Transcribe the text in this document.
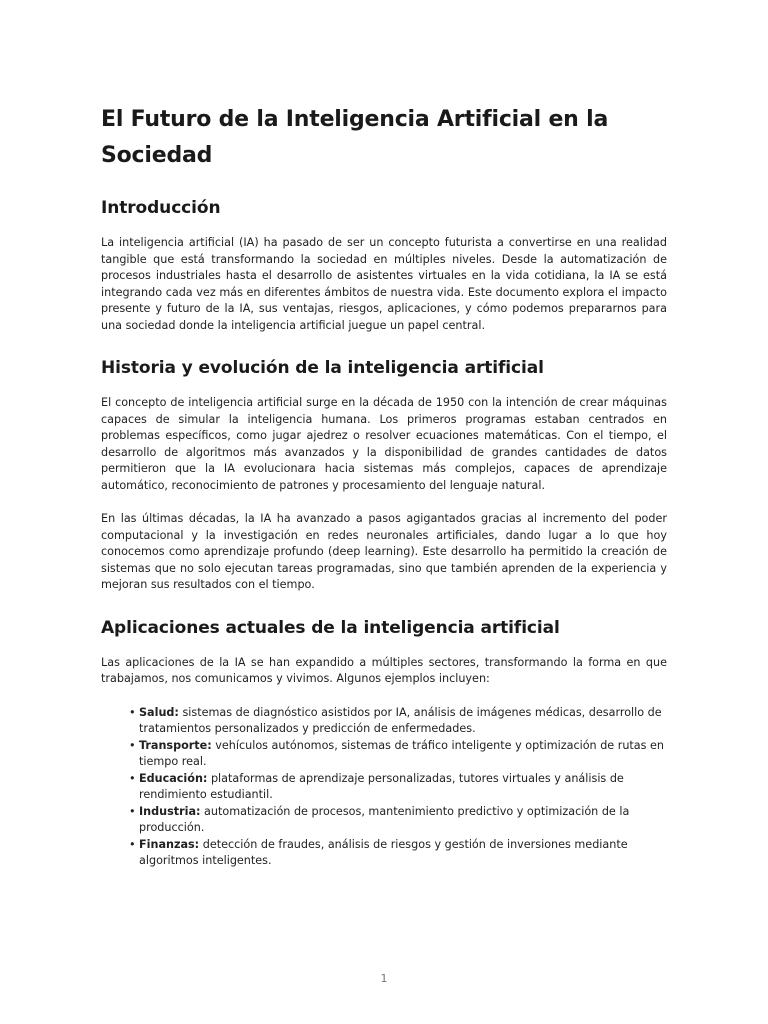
El Futuro de la Inteligencia Artificial en la Sociedad
Introducción

La inteligencia artificial (IA) ha pasado de ser un concepto futurista a convertirse en una realidad tangible que está transformando la sociedad en múltiples niveles. Desde la automatización de procesos industriales hasta el desarrollo de asistentes virtuales en la vida cotidiana, la IA se está integrando cada vez más en diferentes ámbitos de nuestra vida. Este documento explora el impacto presente y futuro de la IA, sus ventajas, riesgos, aplicaciones, y cómo podemos prepararnos para una sociedad donde la inteligencia artificial juegue un papel central.

Historia y evolución de la inteligencia artificial

El concepto de inteligencia artificial surge en la década de 1950 con la intención de crear máquinas capaces de simular la inteligencia humana. Los primeros programas estaban centrados en problemas específicos, como jugar ajedrez o resolver ecuaciones matemáticas. Con el tiempo, el desarrollo de algoritmos más avanzados y la disponibilidad de grandes cantidades de datos permitieron que la IA evolucionara hacia sistemas más complejos, capaces de aprendizaje automático, reconocimiento de patrones y procesamiento del lenguaje natural.

En las últimas décadas, la IA ha avanzado a pasos agigantados gracias al incremento del poder computacional y la investigación en redes neuronales artificiales, dando lugar a lo que hoy conocemos como aprendizaje profundo (deep learning). Este desarrollo ha permitido la creación de sistemas que no solo ejecutan tareas programadas, sino que también aprenden de la experiencia y mejoran sus resultados con el tiempo.

Aplicaciones actuales de la inteligencia artificial

Las aplicaciones de la IA se han expandido a múltiples sectores, transformando la forma en que trabajamos, nos comunicamos y vivimos. Algunos ejemplos incluyen:

• Salud: sistemas de diagnóstico asistidos por IA, análisis de imágenes médicas, desarrollo de tratamientos personalizados y predicción de enfermedades.
• Transporte: vehículos autónomos, sistemas de tráfico inteligente y optimización de rutas en tiempo real.
• Educación: plataformas de aprendizaje personalizadas, tutores virtuales y análisis de rendimiento estudiantil.
• Industria: automatización de procesos, mantenimiento predictivo y optimización de la producción.
• Finanzas: detección de fraudes, análisis de riesgos y gestión de inversiones mediante algoritmos inteligentes.
1
